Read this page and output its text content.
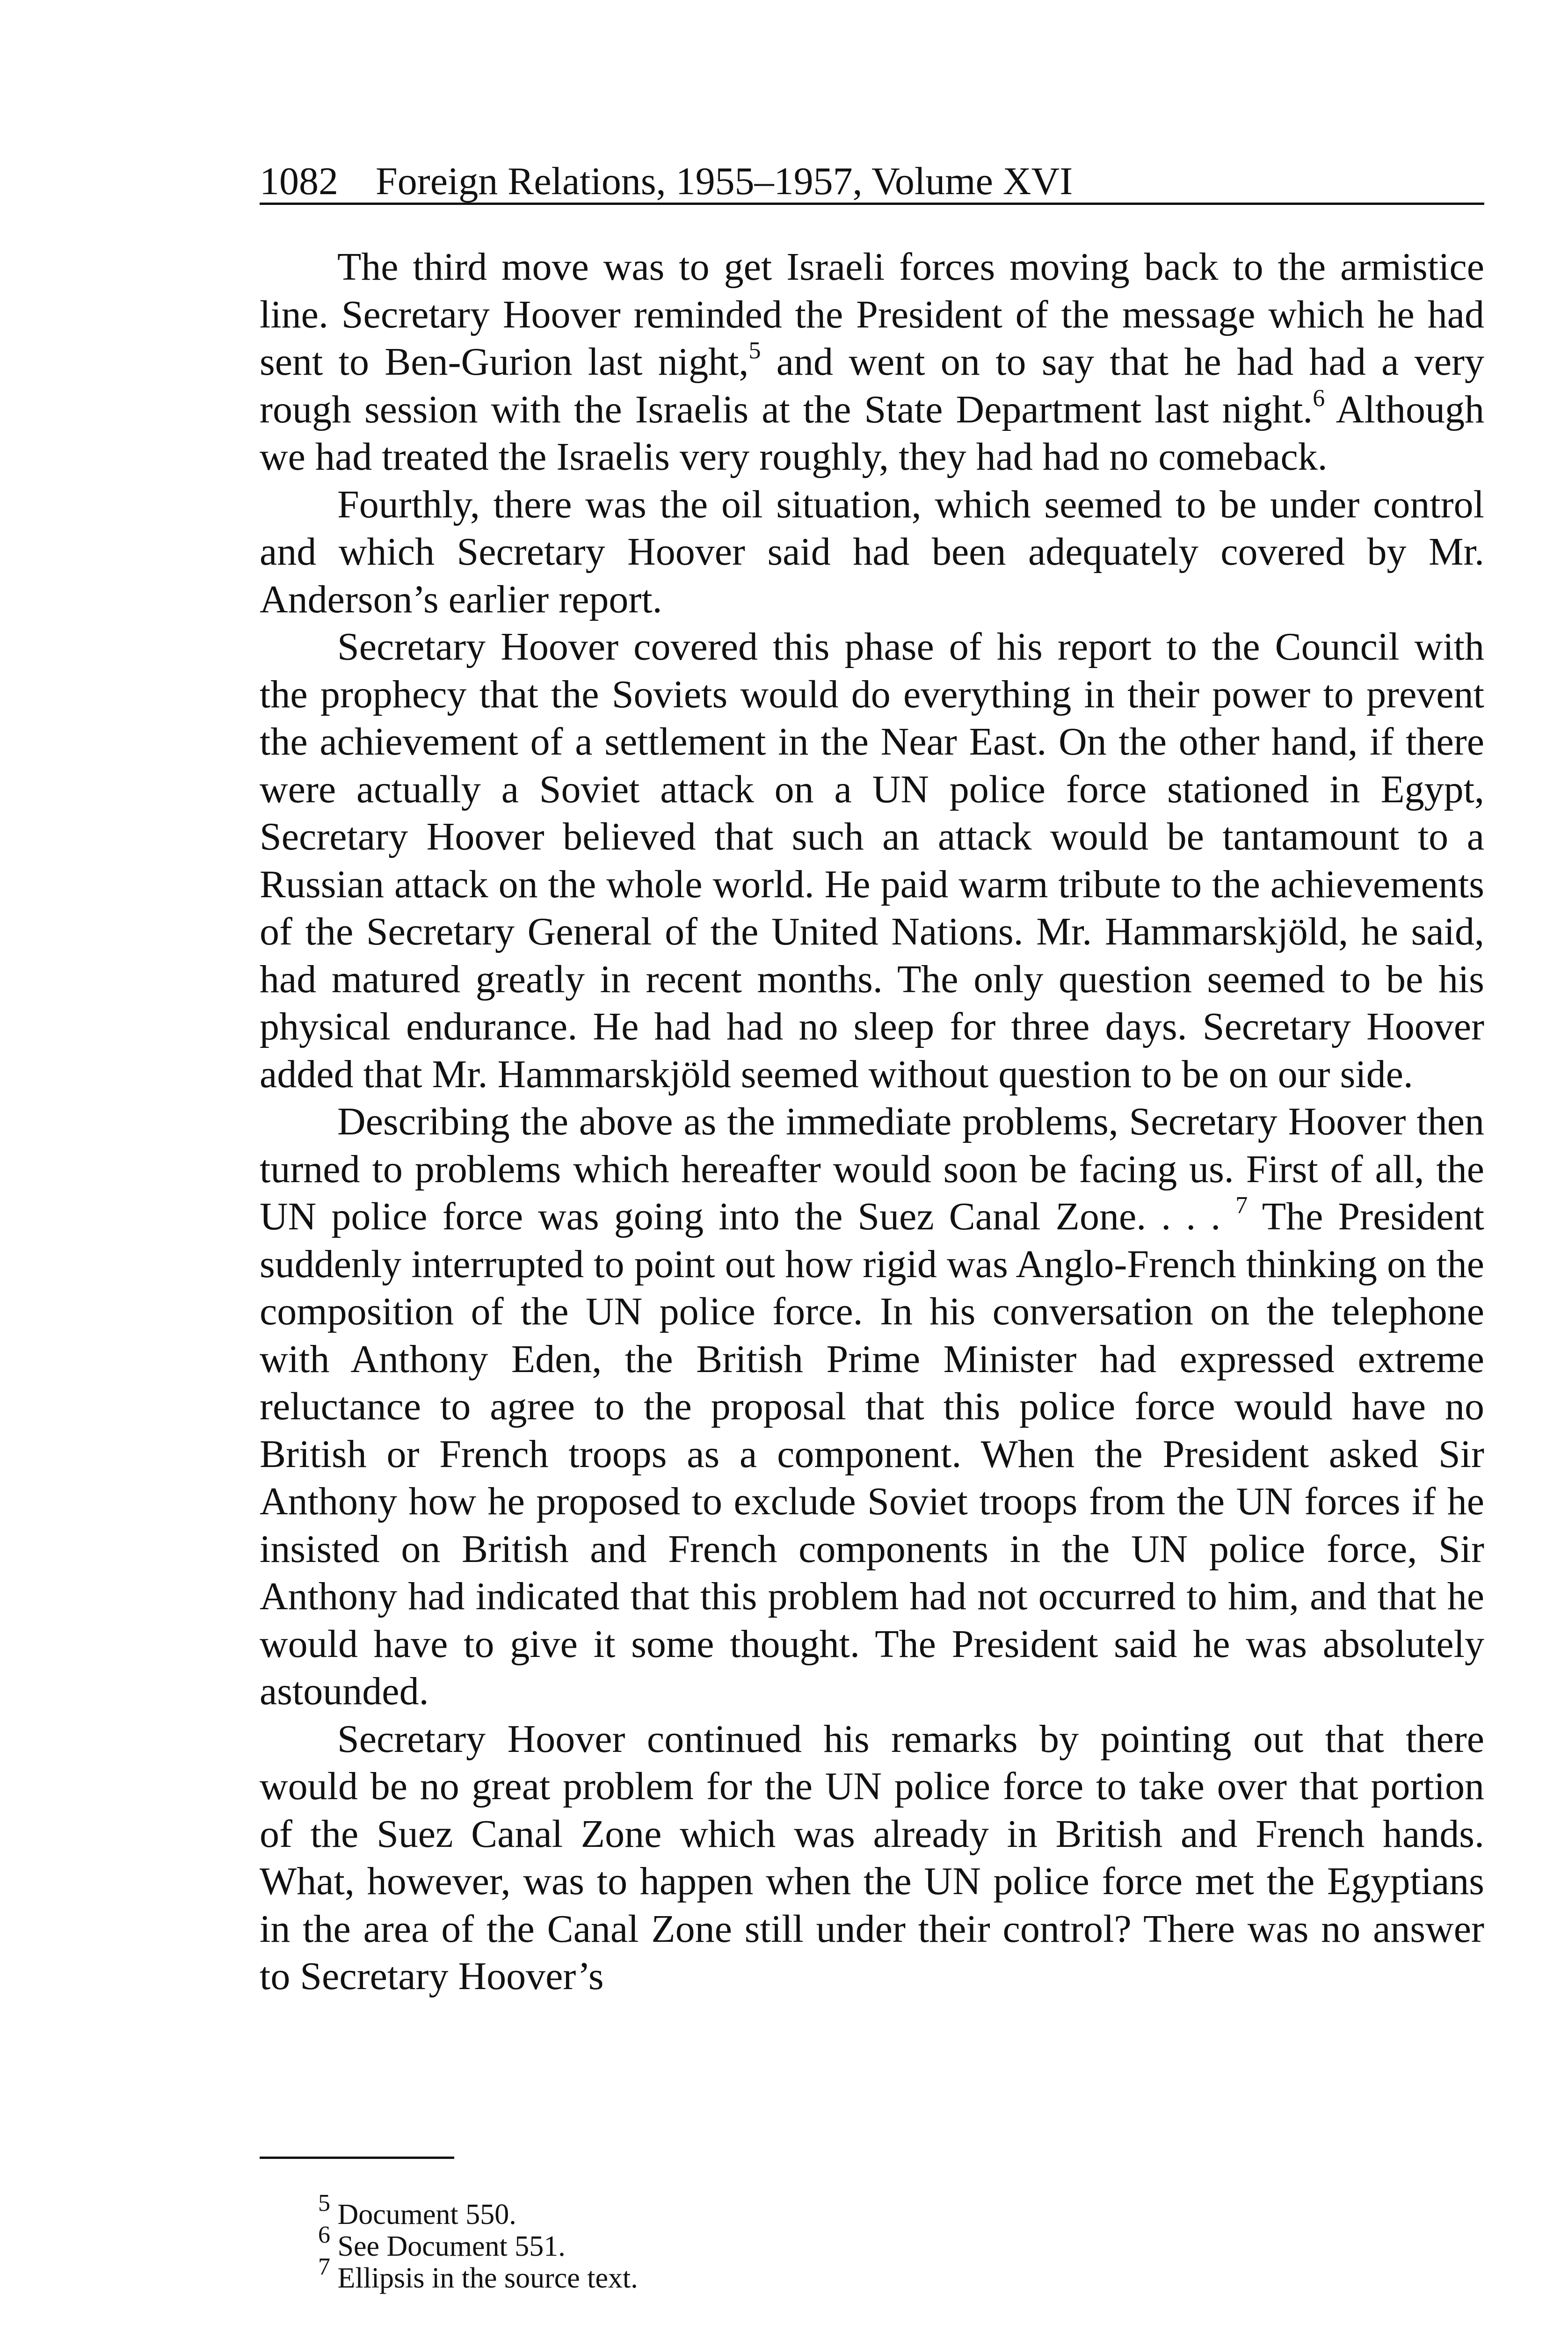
1082 Foreign Relations, 1955–1957, Volume XVI

The third move was to get Israeli forces moving back to the armistice line. Secretary Hoover reminded the President of the message which he had sent to Ben-Gurion last night,$^5$ and went on to say that he had had a very rough session with the Israelis at the State Department last night.$^6$ Although we had treated the Israelis very roughly, they had had no comeback.

Fourthly, there was the oil situation, which seemed to be under control and which Secretary Hoover said had been adequately covered by Mr. Anderson’s earlier report.

Secretary Hoover covered this phase of his report to the Council with the prophecy that the Soviets would do everything in their power to prevent the achievement of a settlement in the Near East. On the other hand, if there were actually a Soviet attack on a UN police force stationed in Egypt, Secretary Hoover believed that such an attack would be tantamount to a Russian attack on the whole world. He paid warm tribute to the achievements of the Secretary General of the United Nations. Mr. Hammarskjöld, he said, had matured greatly in recent months. The only question seemed to be his physical endurance. He had had no sleep for three days. Secretary Hoover added that Mr. Hammarskjöld seemed without question to be on our side.

Describing the above as the immediate problems, Secretary Hoover then turned to problems which hereafter would soon be facing us. First of all, the UN police force was going into the Suez Canal Zone. . . . $^7$ The President suddenly interrupted to point out how rigid was Anglo-French thinking on the composition of the UN police force. In his conversation on the telephone with Anthony Eden, the British Prime Minister had expressed extreme reluctance to agree to the proposal that this police force would have no British or French troops as a component. When the President asked Sir Anthony how he proposed to exclude Soviet troops from the UN forces if he insisted on British and French components in the UN police force, Sir Anthony had indicated that this problem had not occurred to him, and that he would have to give it some thought. The President said he was absolutely astounded.

Secretary Hoover continued his remarks by pointing out that there would be no great problem for the UN police force to take over that portion of the Suez Canal Zone which was already in British and French hands. What, however, was to happen when the UN police force met the Egyptians in the area of the Canal Zone still under their control? There was no answer to Secretary Hoover’s

$^5$ Document 550.

$^6$ See Document 551.

$^7$ Ellipsis in the source text.
